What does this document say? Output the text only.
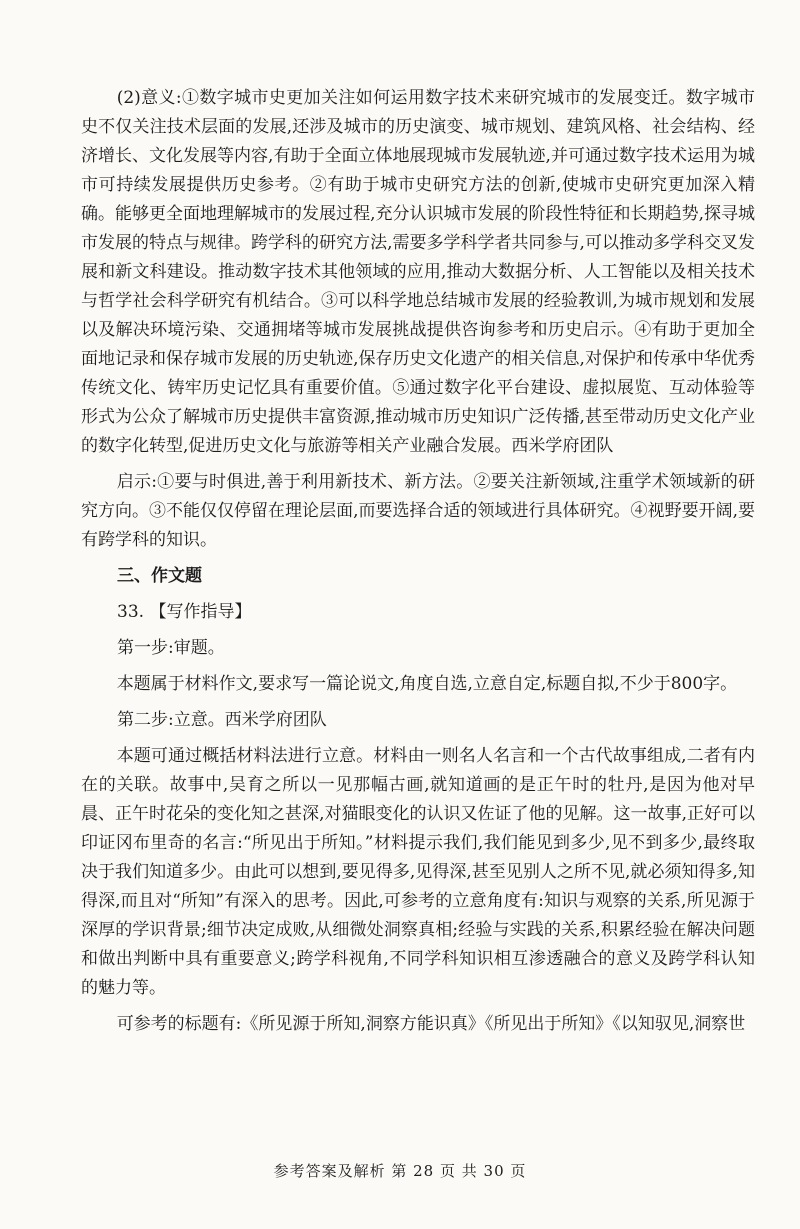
(2)意义:①数字城市史更加关注如何运用数字技术来研究城市的发展变迁。数字城市史不仅关注技术层面的发展,还涉及城市的历史演变、城市规划、建筑风格、社会结构、经济增长、文化发展等内容,有助于全面立体地展现城市发展轨迹,并可通过数字技术运用为城市可持续发展提供历史参考。②有助于城市史研究方法的创新,使城市史研究更加深入精确。能够更全面地理解城市的发展过程,充分认识城市发展的阶段性特征和长期趋势,探寻城市发展的特点与规律。跨学科的研究方法,需要多学科学者共同参与,可以推动多学科交叉发展和新文科建设。推动数字技术其他领域的应用,推动大数据分析、人工智能以及相关技术与哲学社会科学研究有机结合。③可以科学地总结城市发展的经验教训,为城市规划和发展以及解决环境污染、交通拥堵等城市发展挑战提供咨询参考和历史启示。④有助于更加全面地记录和保存城市发展的历史轨迹,保存历史文化遗产的相关信息,对保护和传承中华优秀传统文化、铸牢历史记忆具有重要价值。⑤通过数字化平台建设、虚拟展览、互动体验等形式为公众了解城市历史提供丰富资源,推动城市历史知识广泛传播,甚至带动历史文化产业的数字化转型,促进历史文化与旅游等相关产业融合发展。西米学府团队

启示:①要与时俱进,善于利用新技术、新方法。②要关注新领域,注重学术领域新的研究方向。③不能仅仅停留在理论层面,而要选择合适的领域进行具体研究。④视野要开阔,要有跨学科的知识。

三、作文题

33. 【写作指导】

第一步:审题。

本题属于材料作文,要求写一篇论说文,角度自选,立意自定,标题自拟,不少于800字。

第二步:立意。西米学府团队

本题可通过概括材料法进行立意。材料由一则名人名言和一个古代故事组成,二者有内在的关联。故事中,吴育之所以一见那幅古画,就知道画的是正午时的牡丹,是因为他对早晨、正午时花朵的变化知之甚深,对猫眼变化的认识又佐证了他的见解。这一故事,正好可以印证冈布里奇的名言:“所见出于所知。”材料提示我们,我们能见到多少,见不到多少,最终取决于我们知道多少。由此可以想到,要见得多,见得深,甚至见别人之所不见,就必须知得多,知得深,而且对“所知”有深入的思考。因此,可参考的立意角度有:知识与观察的关系,所见源于深厚的学识背景;细节决定成败,从细微处洞察真相;经验与实践的关系,积累经验在解决问题和做出判断中具有重要意义;跨学科视角,不同学科知识相互渗透融合的意义及跨学科认知的魅力等。

可参考的标题有:《所见源于所知,洞察方能识真》《所见出于所知》《以知驭见,洞察世

参考答案及解析 第 28 页 共 30 页
